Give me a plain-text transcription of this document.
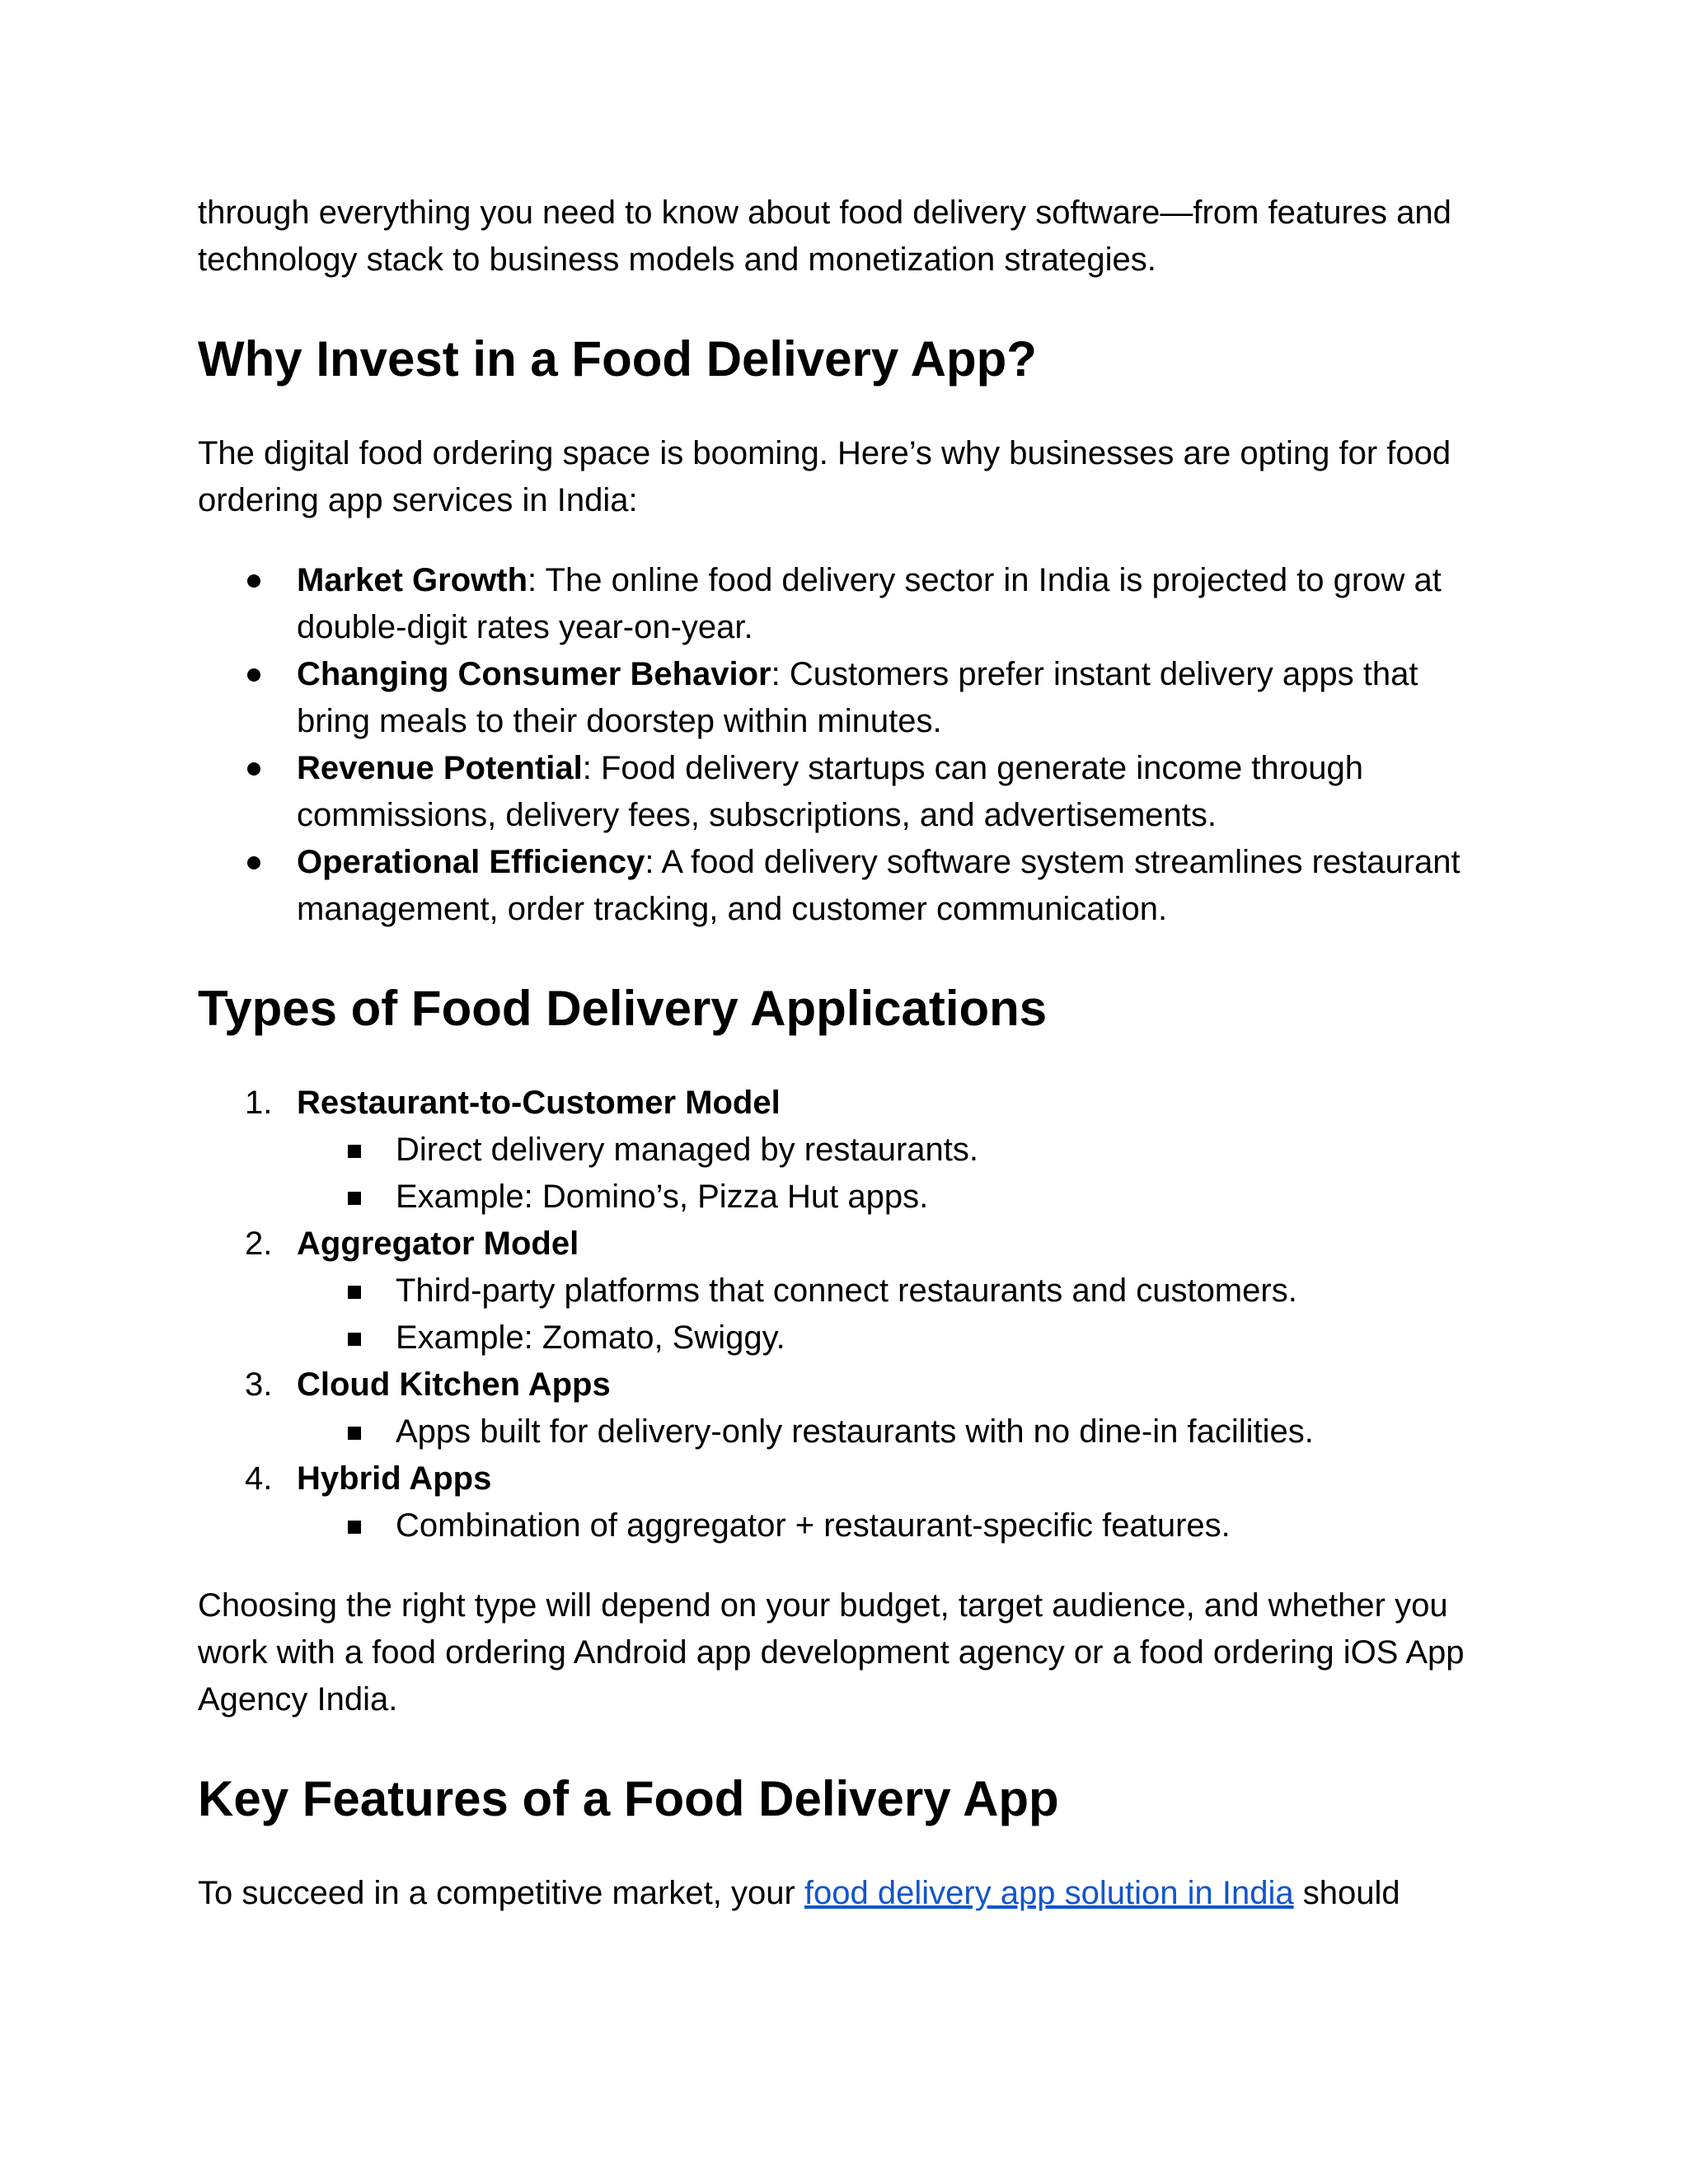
through everything you need to know about food delivery software—from features and technology stack to business models and monetization strategies.

Why Invest in a Food Delivery App?

The digital food ordering space is booming. Here’s why businesses are opting for food ordering app services in India:

Market Growth: The online food delivery sector in India is projected to grow at double-digit rates year-on-year.
Changing Consumer Behavior: Customers prefer instant delivery apps that bring meals to their doorstep within minutes.
Revenue Potential: Food delivery startups can generate income through commissions, delivery fees, subscriptions, and advertisements.
Operational Efficiency: A food delivery software system streamlines restaurant management, order tracking, and customer communication.
Types of Food Delivery Applications
1. Restaurant-to-Customer Model
Direct delivery managed by restaurants.
Example: Domino’s, Pizza Hut apps.
2. Aggregator Model
Third-party platforms that connect restaurants and customers.
Example: Zomato, Swiggy.
3. Cloud Kitchen Apps
Apps built for delivery-only restaurants with no dine-in facilities.
4. Hybrid Apps
Combination of aggregator + restaurant-specific features.

Choosing the right type will depend on your budget, target audience, and whether you work with a food ordering Android app development agency or a food ordering iOS App Agency India.

Key Features of a Food Delivery App

To succeed in a competitive market, your food delivery app solution in India should
